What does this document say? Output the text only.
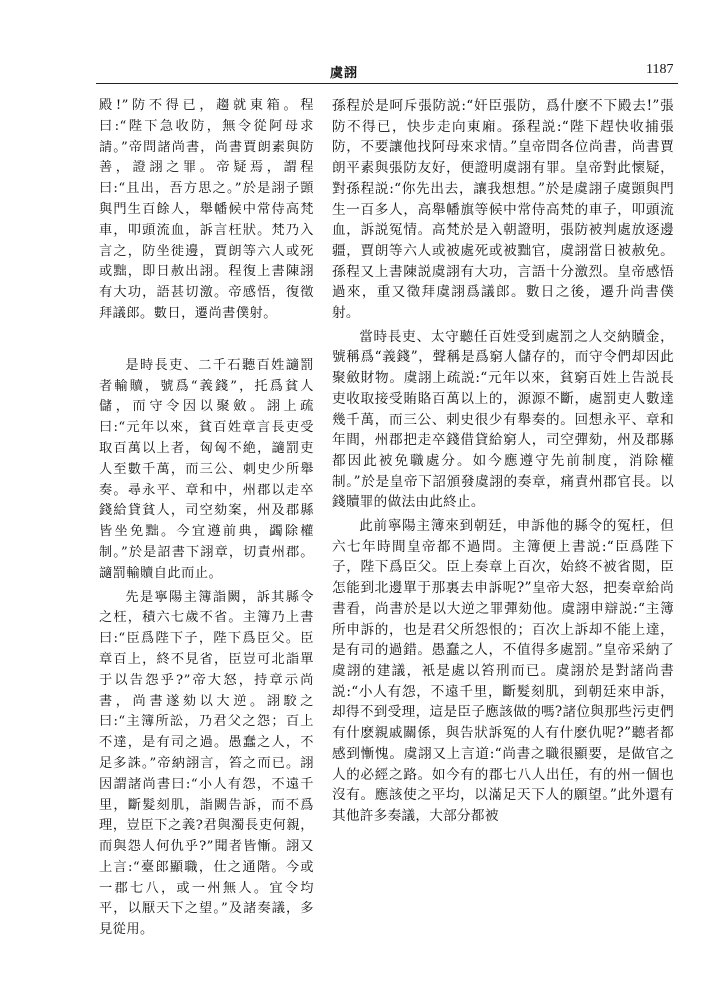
虞詡	1187

殿!”防不得已，趨就東箱。程曰:“陛下急收防，無令從阿母求請。”帝問諸尚書，尚書賈朗素與防善，證詡之罪。帝疑焉，謂程曰:“且出，吾方思之。”於是詡子顗與門生百餘人，舉幡候中常侍高梵車，叩頭流血，訴言枉狀。梵乃入言之，防坐徙邊，賈朗等六人或死或黜，即日赦出詡。程復上書陳詡有大功，語甚切激。帝感悟，復徵拜議郎。數日，遷尚書僕射。

是時長吏、二千石聽百姓讁罰者輸贖，號爲“義錢”，托爲貧人儲，而守令因以聚斂。詡上疏曰:“元年以來，貧百姓章言長吏受取百萬以上者，匈匈不絶，讁罰吏人至數千萬，而三公、刺史少所舉奏。尋永平、章和中，州郡以走卒錢給貸貧人，司空劾案，州及郡縣皆坐免黜。今宜遵前典，蠲除權制。”於是詔書下詡章，切責州郡。讁罰輸贖自此而止。

先是寧陽主簿詣闕，訴其縣令之枉，積六七歲不省。主簿乃上書曰:“臣爲陛下子，陛下爲臣父。臣章百上，終不見省，臣豈可北詣單于以告怨乎?”帝大怒，持章示尚書，尚書遂劾以大逆。詡駮之曰:“主簿所訟，乃君父之怨；百上不達，是有司之過。愚蠢之人，不足多誅。”帝納詡言，笞之而已。詡因謂諸尚書曰:“小人有怨，不遠千里，斷髮刻肌，詣闕告訴，而不爲理，豈臣下之義?君與濁長吏何親，而與怨人何仇乎?”聞者皆慚。詡又上言:“臺郎顯職，仕之通階。今或一郡七八，或一州無人。宜令均平，以厭天下之望。”及諸奏議，多見從用。

孫程於是呵斥張防説:“奸臣張防，爲什麽不下殿去!”張防不得已，快步走向東廂。孫程説:“陛下趕快收捕張防，不要讓他找阿母來求情。”皇帝問各位尚書，尚書賈朗平素與張防友好，便證明虞詡有罪。皇帝對此懷疑，對孫程説:“你先出去，讓我想想。”於是虞詡子虞顗與門生一百多人，高舉幡旗等候中常侍高梵的車子，叩頭流血，訴説冤情。高梵於是入朝證明，張防被判處放逐邊疆，賈朗等六人或被處死或被黜官，虞詡當日被赦免。孫程又上書陳説虞詡有大功，言語十分激烈。皇帝感悟過來，重又徵拜虞詡爲議郎。數日之後，遷升尚書僕射。

當時長吏、太守聽任百姓受到處罰之人交納贖金，號稱爲“義錢”，聲稱是爲窮人儲存的，而守令們却因此聚斂財物。虞詡上疏説:“元年以來，貧窮百姓上告説長吏收取接受賄賂百萬以上的，源源不斷，處罰吏人數達幾千萬，而三公、刺史很少有舉奏的。回想永平、章和年間，州郡把走卒錢借貸給窮人，司空彈劾，州及郡縣都因此被免職處分。如今應遵守先前制度，消除權制。”於是皇帝下詔頒發虞詡的奏章，痛責州郡官長。以錢贖罪的做法由此終止。

此前寧陽主簿來到朝廷，申訴他的縣令的冤枉，但六七年時間皇帝都不過問。主簿便上書説:“臣爲陛下子，陛下爲臣父。臣上奏章上百次，始終不被省閲，臣怎能到北邊單于那裏去申訴呢?”皇帝大怒，把奏章給尚書看，尚書於是以大逆之罪彈劾他。虞詡申辯説:“主簿所申訴的，也是君父所怨恨的；百次上訴却不能上達，是有司的過錯。愚蠢之人，不值得多處罰。”皇帝采納了虞詡的建議，衹是處以笞刑而已。虞詡於是對諸尚書説:“小人有怨，不遠千里，斷髮刻肌，到朝廷來申訴，却得不到受理，這是臣子應該做的嗎?諸位與那些污吏們有什麽親戚關係，與告狀訴冤的人有什麽仇呢?”聽者都感到慚愧。虞詡又上言道:“尚書之職很顯要，是做官之人的必經之路。如今有的郡七八人出任，有的州一個也沒有。應該使之平均，以滿足天下人的願望。”此外還有其他許多奏議，大部分都被
